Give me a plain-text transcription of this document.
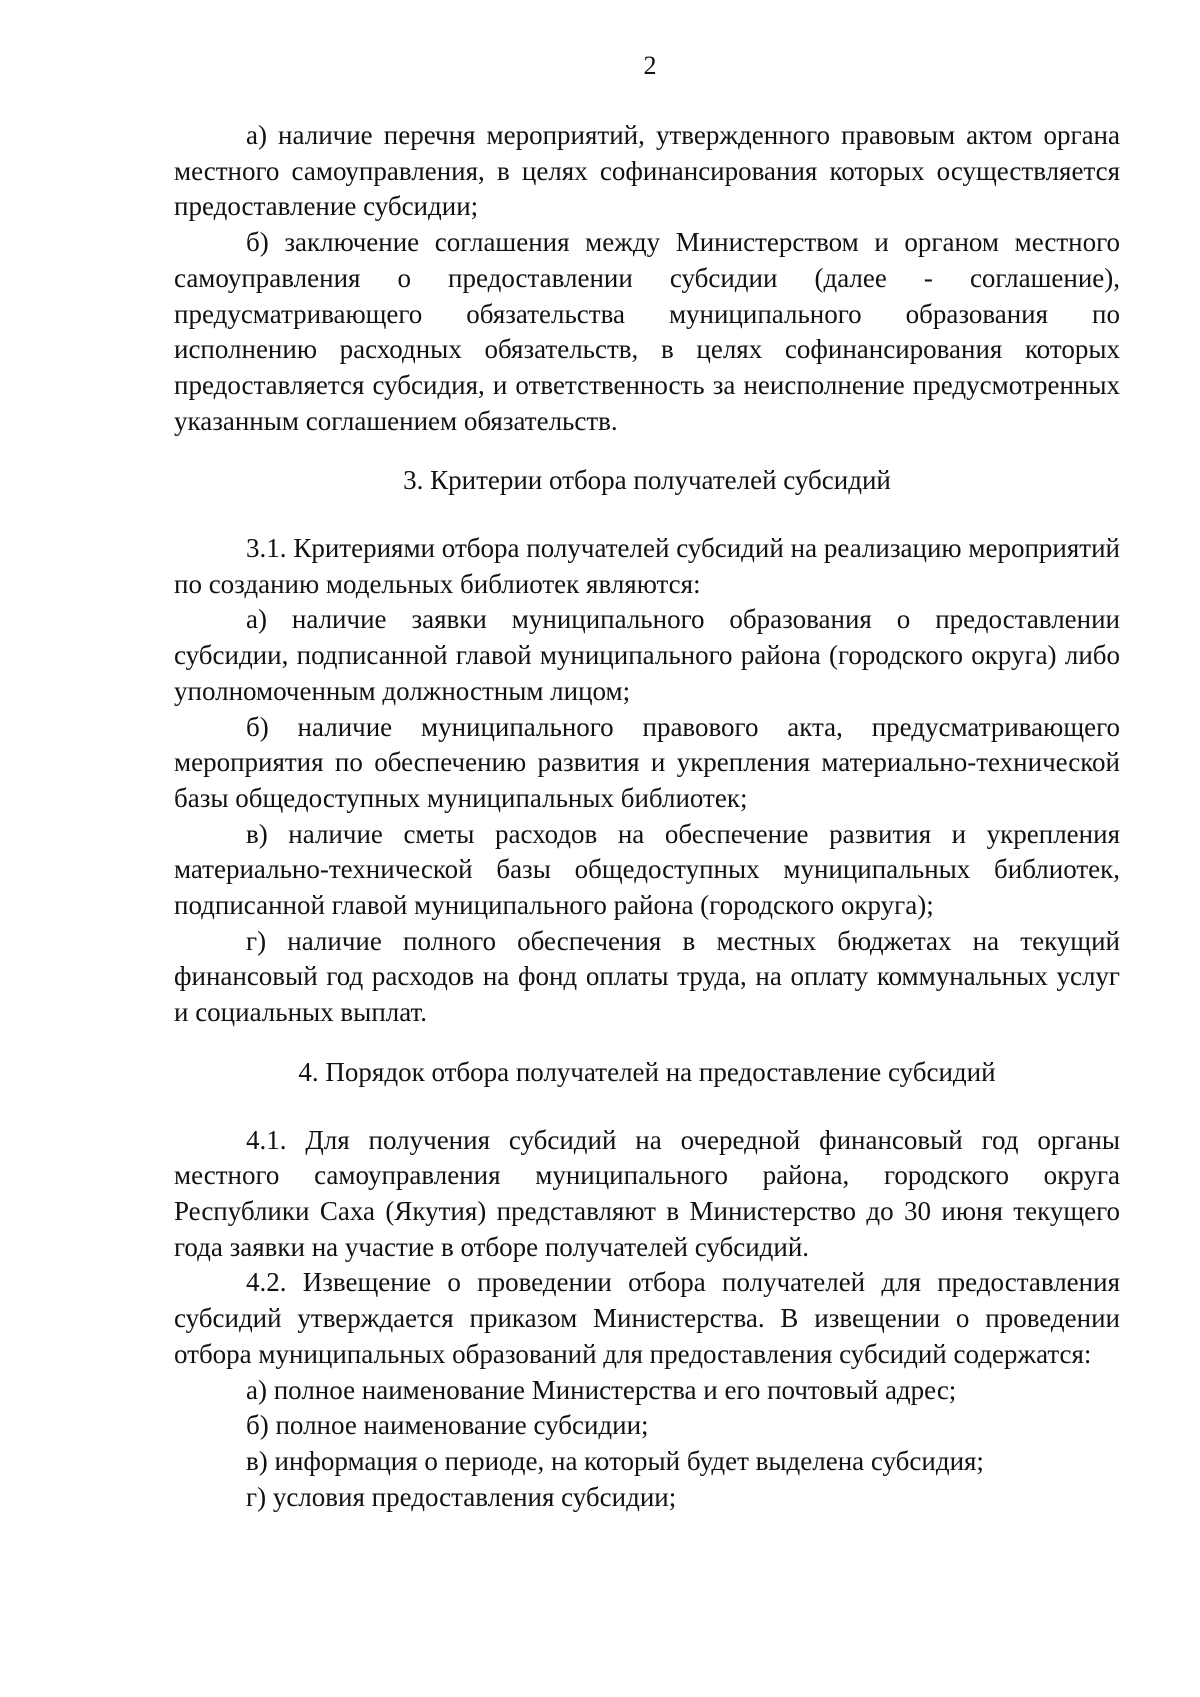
2

а) наличие перечня мероприятий, утвержденного правовым актом органа местного самоуправления, в целях софинансирования которых осуществляется предоставление субсидии;

б) заключение соглашения между Министерством и органом местного самоуправления о предоставлении субсидии (далее - соглашение), предусматривающего обязательства муниципального образования по исполнению расходных обязательств, в целях софинансирования которых предоставляется субсидия, и ответственность за неисполнение предусмотренных указанным соглашением обязательств.

3. Критерии отбора получателей субсидий

3.1. Критериями отбора получателей субсидий на реализацию мероприятий по созданию модельных библиотек являются:

а) наличие заявки муниципального образования о предоставлении субсидии, подписанной главой муниципального района (городского округа) либо уполномоченным должностным лицом;

б) наличие муниципального правового акта, предусматривающего мероприятия по обеспечению развития и укрепления материально-технической базы общедоступных муниципальных библиотек;

в) наличие сметы расходов на обеспечение развития и укрепления материально-технической базы общедоступных муниципальных библиотек, подписанной главой муниципального района (городского округа);

г) наличие полного обеспечения в местных бюджетах на текущий финансовый год расходов на фонд оплаты труда, на оплату коммунальных услуг и социальных выплат.

4. Порядок отбора получателей на предоставление субсидий

4.1. Для получения субсидий на очередной финансовый год органы местного самоуправления муниципального района, городского округа Республики Саха (Якутия) представляют в Министерство до 30 июня текущего года заявки на участие в отборе получателей субсидий.

4.2. Извещение о проведении отбора получателей для предоставления субсидий утверждается приказом Министерства. В извещении о проведении отбора муниципальных образований для предоставления субсидий содержатся:

а) полное наименование Министерства и его почтовый адрес;

б) полное наименование субсидии;

в) информация о периоде, на который будет выделена субсидия;

г) условия предоставления субсидии;
